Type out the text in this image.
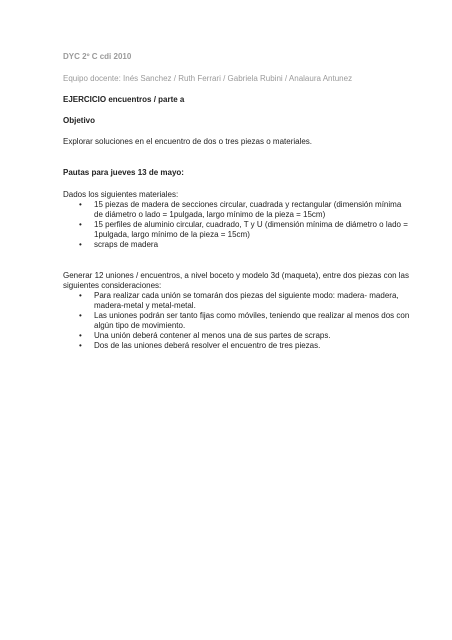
DYC 2º C cdi 2010
Equipo docente: Inés Sanchez / Ruth Ferrari / Gabriela Rubini / Analaura Antunez
EJERCICIO encuentros / parte a
Objetivo
Explorar soluciones en el encuentro de dos o tres piezas o materiales.
Pautas para jueves 13 de mayo:
Dados los siguientes materiales:
• 15 piezas de madera de secciones circular, cuadrada y rectangular (dimensión mínima de diámetro o lado = 1pulgada, largo mínimo de la pieza = 15cm)
• 15 perfiles de aluminio circular, cuadrado, T y U (dimensión mínima de diámetro o lado = 1pulgada, largo mínimo de la pieza = 15cm)
• scraps de madera
Generar 12 uniones / encuentros, a nivel boceto y modelo 3d (maqueta), entre dos piezas con las siguientes consideraciones:
• Para realizar cada unión se tomarán dos piezas del siguiente modo: madera- madera, madera-metal y metal-metal.
• Las uniones podrán ser tanto fijas como móviles, teniendo que realizar al menos dos con algún tipo de movimiento.
• Una unión deberá contener al menos una de sus partes de scraps.
• Dos de las uniones deberá resolver el encuentro de tres piezas.
